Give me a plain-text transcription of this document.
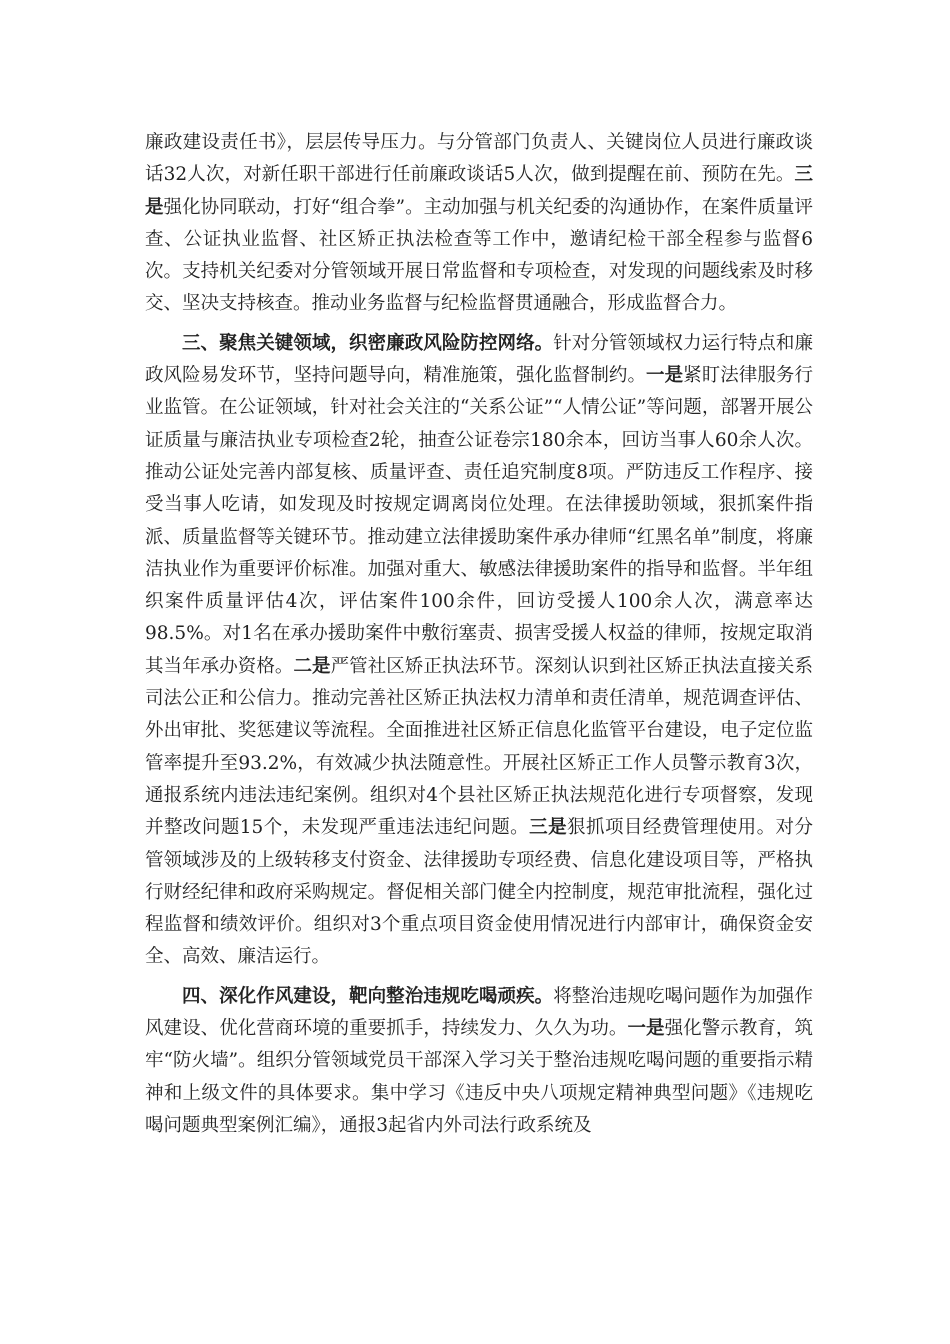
廉政建设责任书》，层层传导压力。与分管部门负责人、关键岗位人员进行廉政谈话32人次，对新任职干部进行任前廉政谈话5人次，做到提醒在前、预防在先。三是强化协同联动，打好“组合拳”。主动加强与机关纪委的沟通协作，在案件质量评查、公证执业监督、社区矫正执法检查等工作中，邀请纪检干部全程参与监督6次。支持机关纪委对分管领域开展日常监督和专项检查，对发现的问题线索及时移交、坚决支持核查。推动业务监督与纪检监督贯通融合，形成监督合力。

三、聚焦关键领域，织密廉政风险防控网络。针对分管领域权力运行特点和廉政风险易发环节，坚持问题导向，精准施策，强化监督制约。一是紧盯法律服务行业监管。在公证领域，针对社会关注的“关系公证”“人情公证”等问题，部署开展公证质量与廉洁执业专项检查2轮，抽查公证卷宗180余本，回访当事人60余人次。推动公证处完善内部复核、质量评查、责任追究制度8项。严防违反工作程序、接受当事人吃请，如发现及时按规定调离岗位处理。在法律援助领域，狠抓案件指派、质量监督等关键环节。推动建立法律援助案件承办律师“红黑名单”制度，将廉洁执业作为重要评价标准。加强对重大、敏感法律援助案件的指导和监督。半年组织案件质量评估4次，评估案件100余件，回访受援人100余人次，满意率达98.5%。对1名在承办援助案件中敷衍塞责、损害受援人权益的律师，按规定取消其当年承办资格。二是严管社区矫正执法环节。深刻认识到社区矫正执法直接关系司法公正和公信力。推动完善社区矫正执法权力清单和责任清单，规范调查评估、外出审批、奖惩建议等流程。全面推进社区矫正信息化监管平台建设，电子定位监管率提升至93.2%，有效减少执法随意性。开展社区矫正工作人员警示教育3次，通报系统内违法违纪案例。组织对4个县社区矫正执法规范化进行专项督察，发现并整改问题15个，未发现严重违法违纪问题。三是狠抓项目经费管理使用。对分管领域涉及的上级转移支付资金、法律援助专项经费、信息化建设项目等，严格执行财经纪律和政府采购规定。督促相关部门健全内控制度，规范审批流程，强化过程监督和绩效评价。组织对3个重点项目资金使用情况进行内部审计，确保资金安全、高效、廉洁运行。

四、深化作风建设，靶向整治违规吃喝顽疾。将整治违规吃喝问题作为加强作风建设、优化营商环境的重要抓手，持续发力、久久为功。一是强化警示教育，筑牢“防火墙”。组织分管领域党员干部深入学习关于整治违规吃喝问题的重要指示精神和上级文件的具体要求。集中学习《违反中央八项规定精神典型问题》《违规吃喝问题典型案例汇编》，通报3起省内外司法行政系统及
